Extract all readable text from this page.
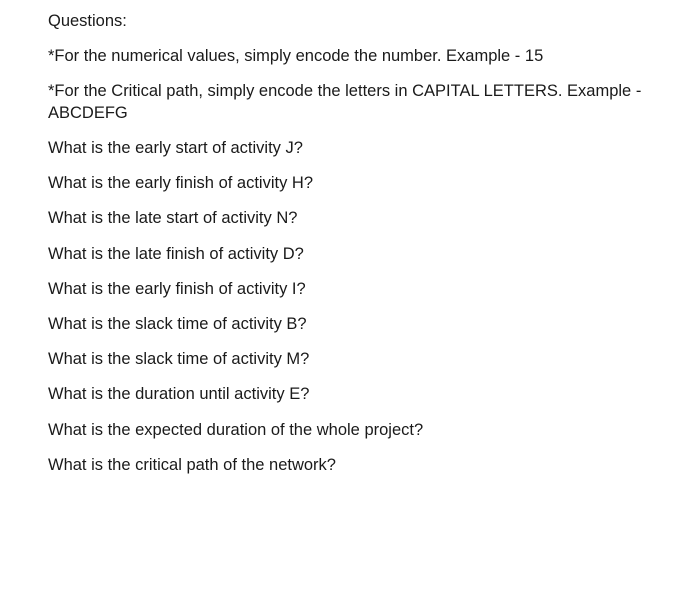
Questions:

*For the numerical values, simply encode the number. Example - 15

*For the Critical path, simply encode the letters in CAPITAL LETTERS. Example - ABCDEFG

What is the early start of activity J?

What is the early finish of activity H?

What is the late start of activity N?

What is the late finish of activity D?

What is the early finish of activity I?

What is the slack time of activity B?

What is the slack time of activity M?

What is the duration until activity E?

What is the expected duration of the whole project?

What is the critical path of the network?
